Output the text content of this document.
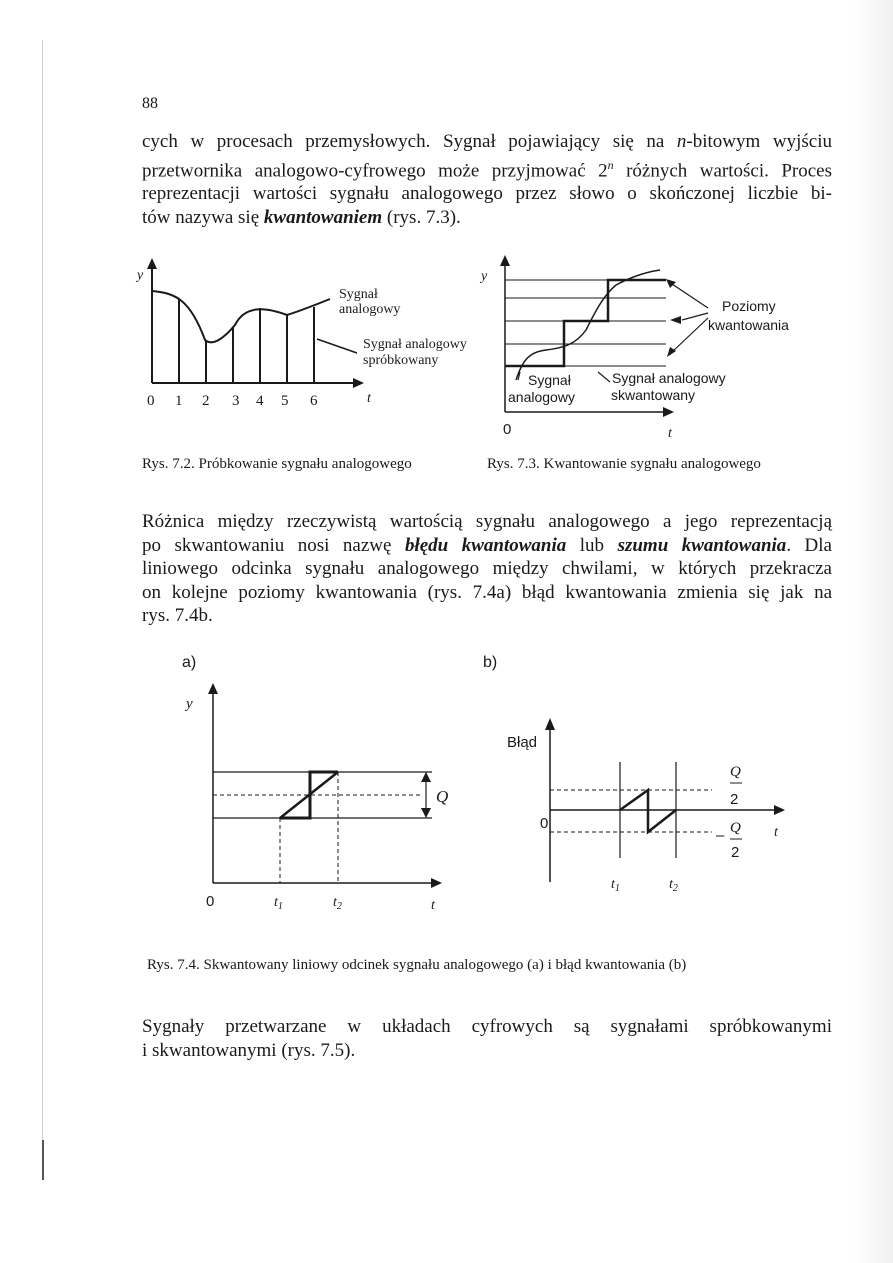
88
cych w procesach przemysłowych. Sygnał pojawiający się na n-bitowym wyjściu
przetwornika analogowo-cyfrowego może przyjmować 2$^n$ różnych wartości. Proces
reprezentacji wartości sygnału analogowego przez słowo o skończonej liczbie bi-
tów nazywa się kwantowaniem (rys. 7.3).
y
t
0 1 2 3 4 5 6
Sygnał
analogowy
Sygnał analogowy
spróbkowany
y
0	t
Poziomy
kwantowania
Sygnał
analogowy
Sygnał analogowy
skwantowany
Rys. 7.2. Próbkowanie sygnału analogowego	Rys. 7.3. Kwantowanie sygnału analogowego
Różnica między rzeczywistą wartością sygnału analogowego a jego reprezentacją
po skwantowaniu nosi nazwę błędu kwantowania lub szumu kwantowania. Dla
liniowego odcinka sygnału analogowego między chwilami, w których przekracza
on kolejne poziomy kwantowania (rys. 7.4a) błąd kwantowania zmienia się jak na
rys. 7.4b.
a)
y
Q
0	$t_1$	$t_2$	t
b)
Błąd
0
Q
2
– Q
2
t
$t_1$	$t_2$
Rys. 7.4. Skwantowany liniowy odcinek sygnału analogowego (a) i błąd kwantowania (b)
Sygnały przetwarzane w układach cyfrowych są sygnałami spróbkowanymi
i skwantowanymi (rys. 7.5).
